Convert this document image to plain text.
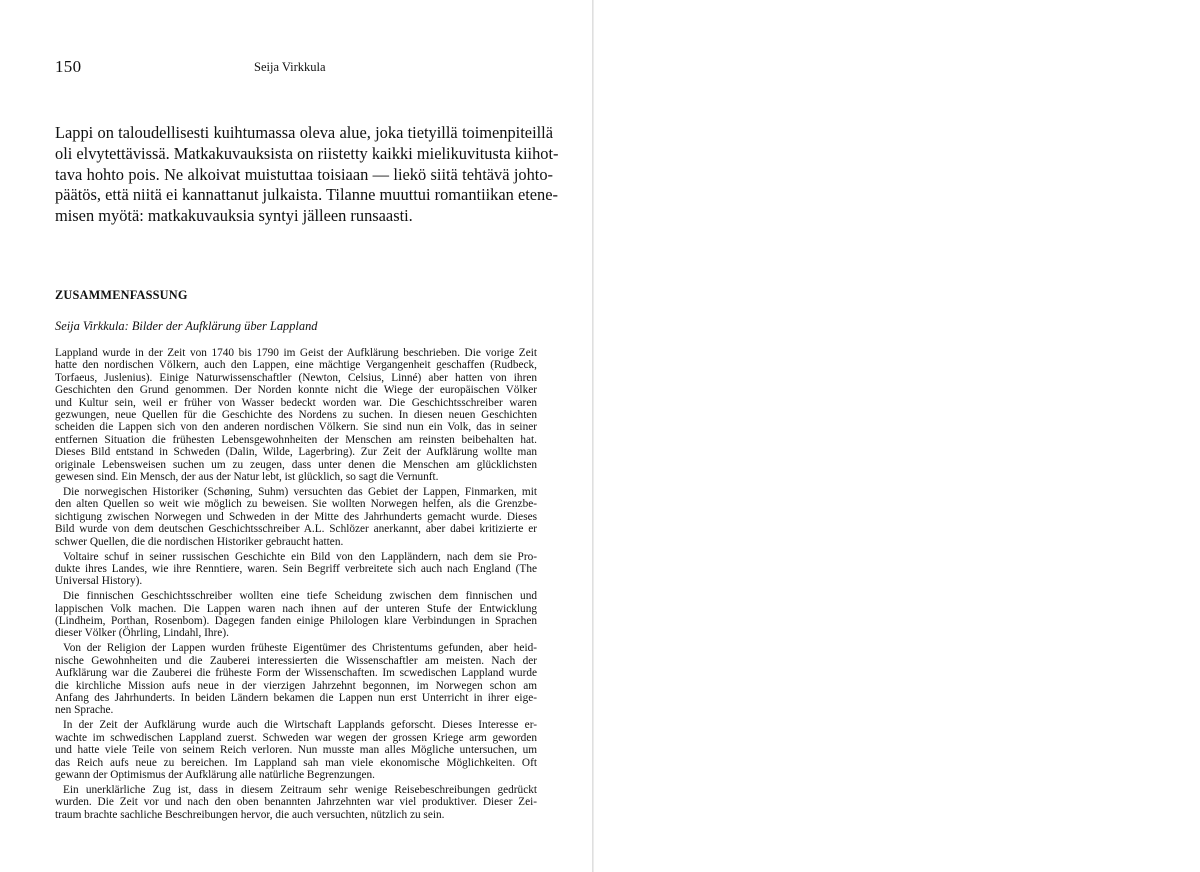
150	Seija Virkkula
Lappi on taloudellisesti kuihtumassa oleva alue, joka tietyillä toimenpiteillä
oli elvytettävissä. Matkakuvauksista on riistetty kaikki mielikuvitusta kiihot-
tava hohto pois. Ne alkoivat muistuttaa toisiaan — liekö siitä tehtävä johto-
päätös, että niitä ei kannattanut julkaista. Tilanne muuttui romantiikan etene-
misen myötä: matkakuvauksia syntyi jälleen runsaasti.
ZUSAMMENFASSUNG
Seija Virkkula: Bilder der Aufklärung über Lappland
Lappland wurde in der Zeit von 1740 bis 1790 im Geist der Aufklärung beschrieben. Die vorige Zeit
hatte den nordischen Völkern, auch den Lappen, eine mächtige Vergangenheit geschaffen (Rudbeck,
Torfaeus, Juslenius). Einige Naturwissenschaftler (Newton, Celsius, Linné) aber hatten von ihren
Geschichten den Grund genommen. Der Norden konnte nicht die Wiege der europäischen Völker
und Kultur sein, weil er früher von Wasser bedeckt worden war. Die Geschichtsschreiber waren
gezwungen, neue Quellen für die Geschichte des Nordens zu suchen. In diesen neuen Geschichten
scheiden die Lappen sich von den anderen nordischen Völkern. Sie sind nun ein Volk, das in seiner
entfernen Situation die frühesten Lebensgewohnheiten der Menschen am reinsten beibehalten hat.
Dieses Bild entstand in Schweden (Dalin, Wilde, Lagerbring). Zur Zeit der Aufklärung wollte man
originale Lebensweisen suchen um zu zeugen, dass unter denen die Menschen am glücklichsten
gewesen sind. Ein Mensch, der aus der Natur lebt, ist glücklich, so sagt die Vernunft.
Die norwegischen Historiker (Schøning, Suhm) versuchten das Gebiet der Lappen, Finmarken, mit
den alten Quellen so weit wie möglich zu beweisen. Sie wollten Norwegen helfen, als die Grenzbe-
sichtigung zwischen Norwegen und Schweden in der Mitte des Jahrhunderts gemacht wurde. Dieses
Bild wurde von dem deutschen Geschichtsschreiber A.L. Schlözer anerkannt, aber dabei kritizierte er
schwer Quellen, die die nordischen Historiker gebraucht hatten.
Voltaire schuf in seiner russischen Geschichte ein Bild von den Lappländern, nach dem sie Pro-
dukte ihres Landes, wie ihre Renntiere, waren. Sein Begriff verbreitete sich auch nach England (The
Universal History).
Die finnischen Geschichtsschreiber wollten eine tiefe Scheidung zwischen dem finnischen und
lappischen Volk machen. Die Lappen waren nach ihnen auf der unteren Stufe der Entwicklung
(Lindheim, Porthan, Rosenbom). Dagegen fanden einige Philologen klare Verbindungen in Sprachen
dieser Völker (Öhrling, Lindahl, Ihre).
Von der Religion der Lappen wurden früheste Eigentümer des Christentums gefunden, aber heid-
nische Gewohnheiten und die Zauberei interessierten die Wissenschaftler am meisten. Nach der
Aufklärung war die Zauberei die früheste Form der Wissenschaften. Im scwedischen Lappland wurde
die kirchliche Mission aufs neue in der vierzigen Jahrzehnt begonnen, im Norwegen schon am
Anfang des Jahrhunderts. In beiden Ländern bekamen die Lappen nun erst Unterricht in ihrer eige-
nen Sprache.
In der Zeit der Aufklärung wurde auch die Wirtschaft Lapplands geforscht. Dieses Interesse er-
wachte im schwedischen Lappland zuerst. Schweden war wegen der grossen Kriege arm geworden
und hatte viele Teile von seinem Reich verloren. Nun musste man alles Mögliche untersuchen, um
das Reich aufs neue zu bereichen. Im Lappland sah man viele ekonomische Möglichkeiten. Oft
gewann der Optimismus der Aufklärung alle natürliche Begrenzungen.
Ein unerklärliche Zug ist, dass in diesem Zeitraum sehr wenige Reisebeschreibungen gedrückt
wurden. Die Zeit vor und nach den oben benannten Jahrzehnten war viel produktiver. Dieser Zei-
traum brachte sachliche Beschreibungen hervor, die auch versuchten, nützlich zu sein.
